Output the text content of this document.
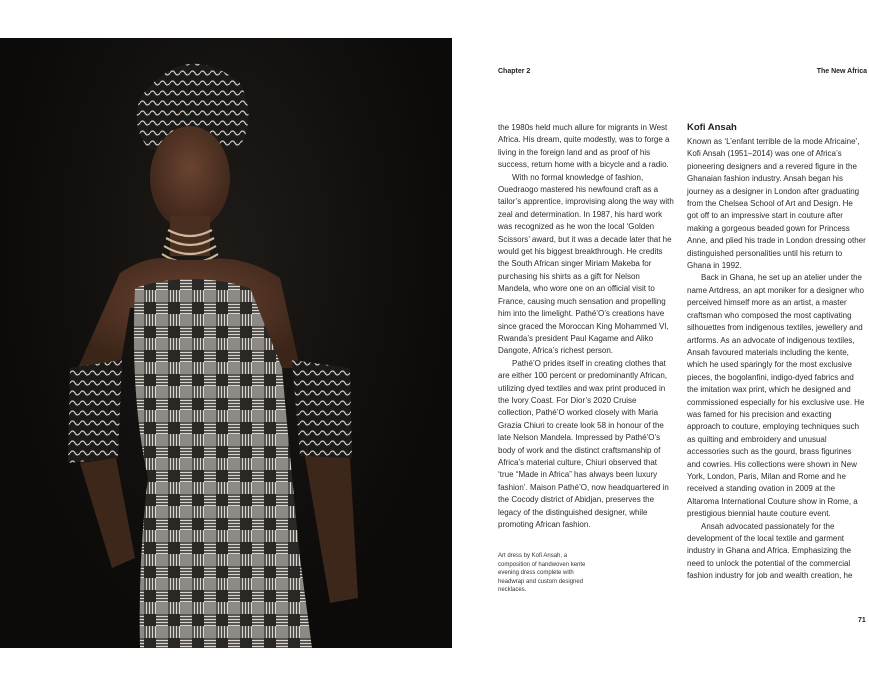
Chapter 2	The New Africa

the 1980s held much allure for migrants in West Africa. His dream, quite modestly, was to forge a living in the foreign land and as proof of his success, return home with a bicycle and a radio.

With no formal knowledge of fashion, Ouedraogo mastered his newfound craft as a tailor’s apprentice, improvising along the way with zeal and determination. In 1987, his hard work was recognized as he won the local ‘Golden Scissors’ award, but it was a decade later that he would get his biggest breakthrough. He credits the South African singer Miriam Makeba for purchasing his shirts as a gift for Nelson Mandela, who wore one on an official visit to France, causing much sensation and propelling him into the limelight. Pathé’O’s creations have since graced the Moroccan King Mohammed VI, Rwanda’s president Paul Kagame and Aliko Dangote, Africa’s richest person.

Pathé’O prides itself in creating clothes that are either 100 percent or predominantly African, utilizing dyed textiles and wax print produced in the Ivory Coast. For Dior’s 2020 Cruise collection, Pathé’O worked closely with Maria Grazia Chiuri to create look 58 in honour of the late Nelson Mandela. Impressed by Pathé’O’s body of work and the distinct craftsmanship of Africa’s material culture, Chiuri observed that ‘true “Made in Africa” has always been luxury fashion’. Maison Pathé’O, now headquartered in the Cocody district of Abidjan, preserves the legacy of the distinguished designer, while promoting African fashion.

Art dress by Kofi Ansah, a composition of handwoven kente evening dress complete with headwrap and custom designed necklaces.
Kofi Ansah

Known as ‘L’enfant terrible de la mode Africaine’, Kofi Ansah (1951–2014) was one of Africa’s pioneering designers and a revered figure in the Ghanaian fashion industry. Ansah began his journey as a designer in London after graduating from the Chelsea School of Art and Design. He got off to an impressive start in couture after making a gorgeous beaded gown for Princess Anne, and plied his trade in London dressing other distinguished personalities until his return to Ghana in 1992.

Back in Ghana, he set up an atelier under the name Artdress, an apt moniker for a designer who perceived himself more as an artist, a master craftsman who composed the most captivating silhouettes from indigenous textiles, jewellery and artforms. As an advocate of indigenous textiles, Ansah favoured materials including the kente, which he used sparingly for the most exclusive pieces, the bogolanfini, indigo-dyed fabrics and the imitation wax print, which he designed and commissioned especially for his exclusive use. He was famed for his precision and exacting approach to couture, employing techniques such as quilting and embroidery and unusual accessories such as the gourd, brass figurines and cowries. His collections were shown in New York, London, Paris, Milan and Rome and he received a standing ovation in 2009 at the Altaroma International Couture show in Rome, a prestigious biennial haute couture event.

Ansah advocated passionately for the development of the local textile and garment industry in Ghana and Africa. Emphasizing the need to unlock the potential of the commercial fashion industry for job and wealth creation, he

71
